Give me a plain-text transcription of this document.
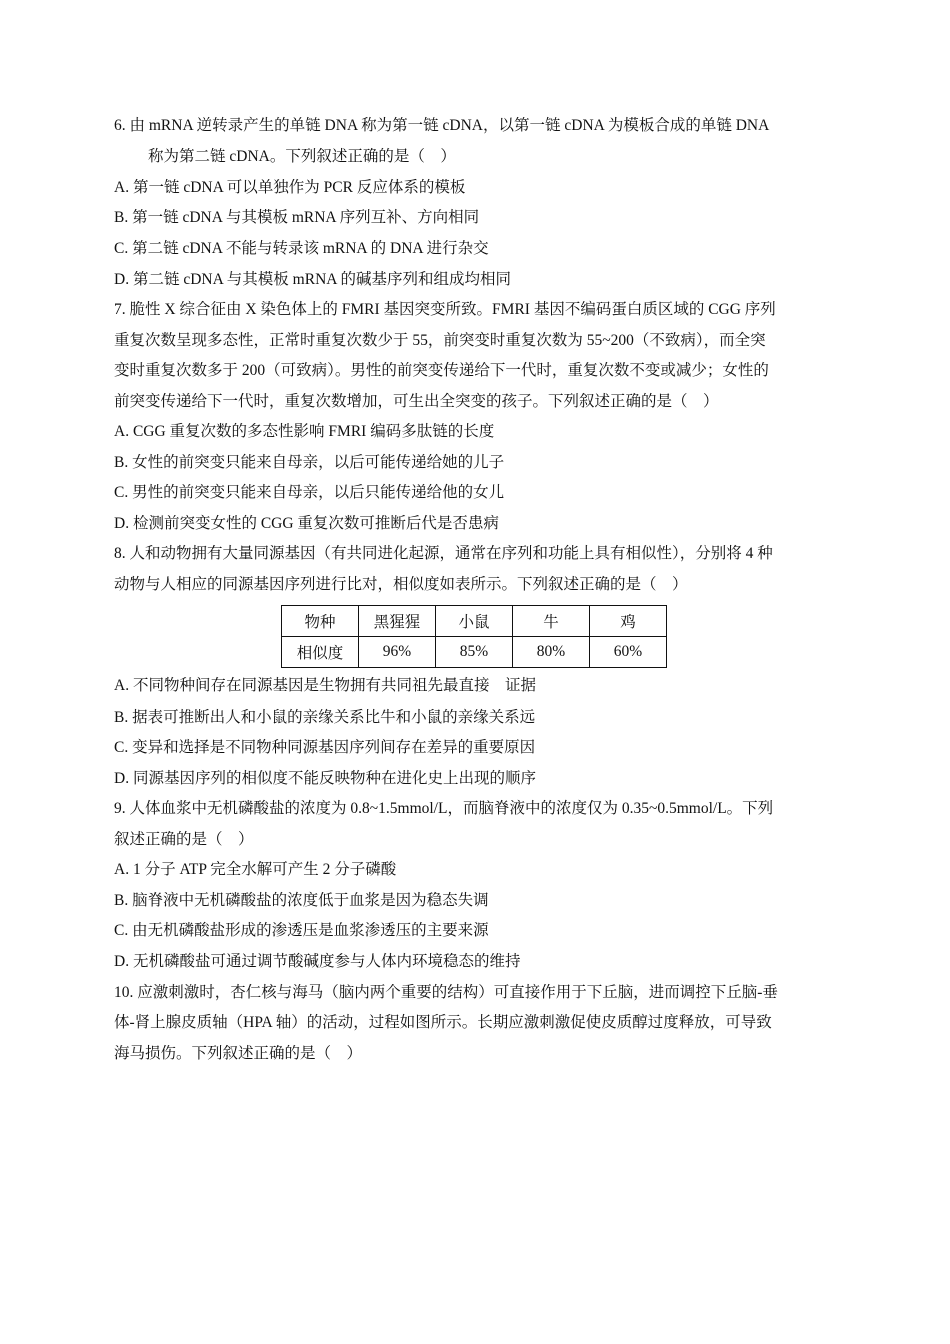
6. 由 mRNA 逆转录产生的单链 DNA 称为第一链 cDNA，以第一链 cDNA 为模板合成的单链 DNA
称为第二链 cDNA。下列叙述正确的是（　）
A. 第一链 cDNA 可以单独作为 PCR 反应体系的模板
B. 第一链 cDNA 与其模板 mRNA 序列互补、方向相同
C. 第二链 cDNA 不能与转录该 mRNA 的 DNA 进行杂交
D. 第二链 cDNA 与其模板 mRNA 的碱基序列和组成均相同
7. 脆性 X 综合征由 X 染色体上的 FMRI 基因突变所致。FMRI 基因不编码蛋白质区域的 CGG 序列
重复次数呈现多态性，正常时重复次数少于 55，前突变时重复次数为 55~200（不致病），而全突
变时重复次数多于 200（可致病）。男性的前突变传递给下一代时，重复次数不变或减少；女性的
前突变传递给下一代时，重复次数增加，可生出全突变的孩子。下列叙述正确的是（　）
A. CGG 重复次数的多态性影响 FMRI 编码多肽链的长度
B. 女性的前突变只能来自母亲，以后可能传递给她的儿子
C. 男性的前突变只能来自母亲，以后只能传递给他的女儿
D. 检测前突变女性的 CGG 重复次数可推断后代是否患病
8. 人和动物拥有大量同源基因（有共同进化起源，通常在序列和功能上具有相似性），分别将 4 种
动物与人相应的同源基因序列进行比对，相似度如表所示。下列叙述正确的是（　）
物种	黑猩猩	小鼠	牛	鸡
相似度	96%	85%	80%	60%
A. 不同物种间存在同源基因是生物拥有共同祖先最直接　证据
B. 据表可推断出人和小鼠的亲缘关系比牛和小鼠的亲缘关系远
C. 变异和选择是不同物种同源基因序列间存在差异的重要原因
D. 同源基因序列的相似度不能反映物种在进化史上出现的顺序
9. 人体血浆中无机磷酸盐的浓度为 0.8~1.5mmol/L，而脑脊液中的浓度仅为 0.35~0.5mmol/L。下列
叙述正确的是（　）
A. 1 分子 ATP 完全水解可产生 2 分子磷酸
B. 脑脊液中无机磷酸盐的浓度低于血浆是因为稳态失调
C. 由无机磷酸盐形成的渗透压是血浆渗透压的主要来源
D. 无机磷酸盐可通过调节酸碱度参与人体内环境稳态的维持
10. 应激刺激时，杏仁核与海马（脑内两个重要的结构）可直接作用于下丘脑，进而调控下丘脑-垂
体-肾上腺皮质轴（HPA 轴）的活动，过程如图所示。长期应激刺激促使皮质醇过度释放，可导致
海马损伤。下列叙述正确的是（　）
